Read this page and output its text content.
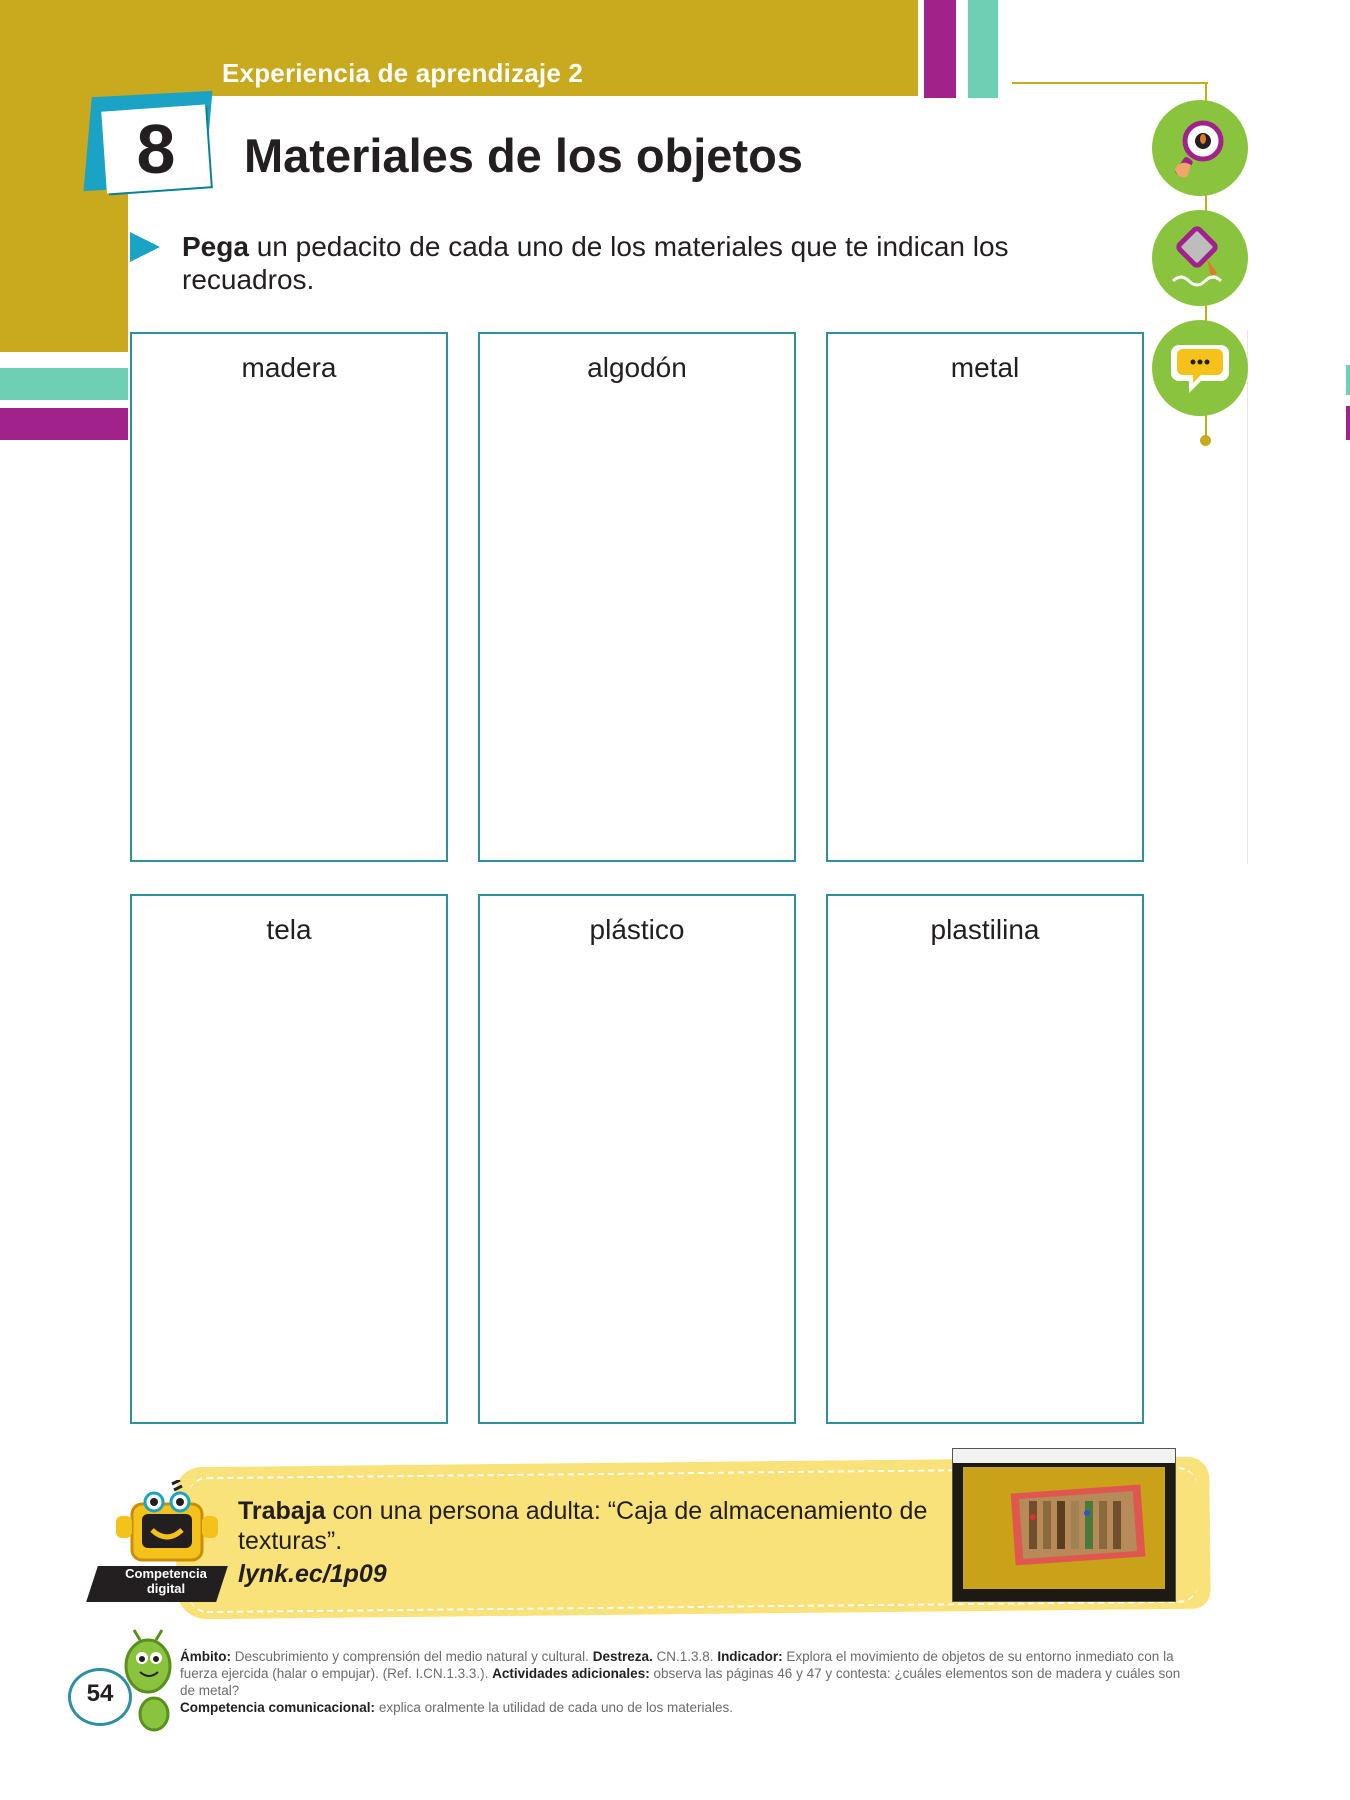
Experiencia de aprendizaje 2
8	Materiales de los objetos
Pega un pedacito de cada uno de los materiales que te indican los recuadros.
madera	algodón	metal
tela	plástico	plastilina
Competencia digital
Trabaja con una persona adulta: “Caja de almacenamiento de texturas”.
lynk.ec/1p09
54
Ámbito: Descubrimiento y comprensión del medio natural y cultural. Destreza. CN.1.3.8. Indicador: Explora el movimiento de objetos de su entorno inmediato con la fuerza ejercida (halar o empujar). (Ref. I.CN.1.3.3.). Actividades adicionales: observa las páginas 46 y 47 y contesta: ¿cuáles elementos son de madera y cuáles son de metal?
Competencia comunicacional: explica oralmente la utilidad de cada uno de los materiales.
